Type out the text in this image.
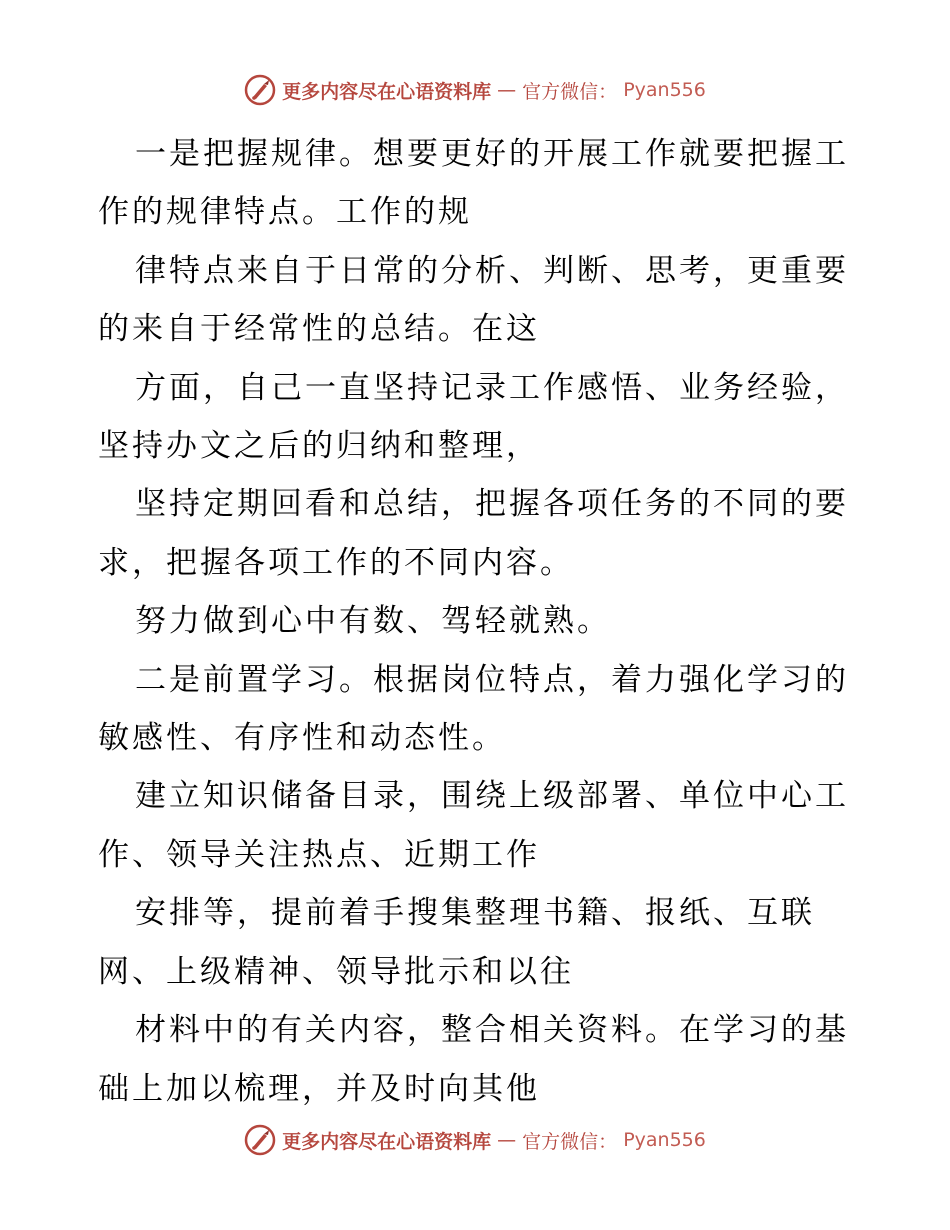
更多内容尽在心语资料库 — 官方微信： Pyan556
一是把握规律。想要更好的开展工作就要把握工
作的规律特点。工作的规
律特点来自于日常的分析、判断、思考，更重要
的来自于经常性的总结。在这
方面，自己一直坚持记录工作感悟、业务经验，
坚持办文之后的归纳和整理，
坚持定期回看和总结，把握各项任务的不同的要
求，把握各项工作的不同内容。
努力做到心中有数、驾轻就熟。
二是前置学习。根据岗位特点，着力强化学习的
敏感性、有序性和动态性。
建立知识储备目录，围绕上级部署、单位中心工
作、领导关注热点、近期工作
安排等，提前着手搜集整理书籍、报纸、互联
网、上级精神、领导批示和以往
材料中的有关内容，整合相关资料。在学习的基
础上加以梳理，并及时向其他
更多内容尽在心语资料库 — 官方微信： Pyan556
